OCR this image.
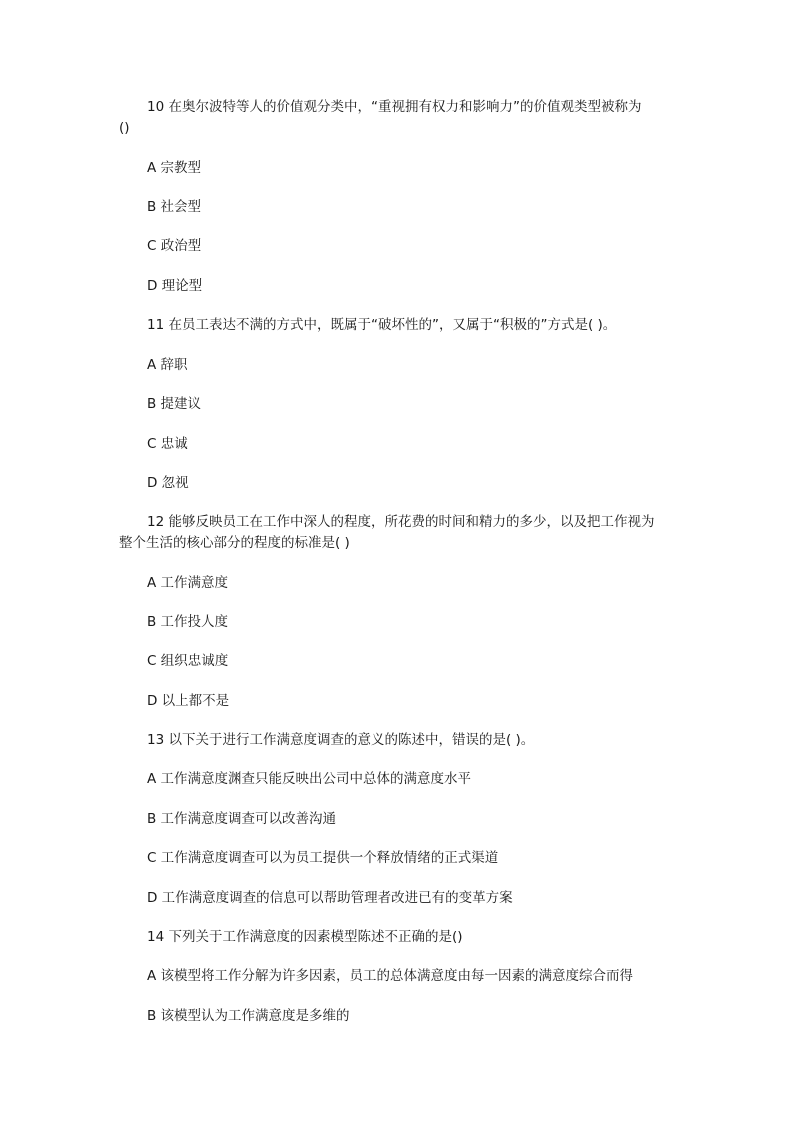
10 在奥尔波特等人的价值观分类中，“重视拥有权力和影响力”的价值观类型被称为
()
A 宗教型
B 社会型
C 政治型
D 理论型
11 在员工表达不满的方式中，既属于“破坏性的”，又属于“积极的”方式是( )。
A 辞职
B 提建议
C 忠诚
D 忽视
12 能够反映员工在工作中深人的程度，所花费的时间和精力的多少，以及把工作视为
整个生活的核心部分的程度的标准是( )
A 工作满意度
B 工作投人度
C 组织忠诚度
D 以上都不是
13 以下关于进行工作满意度调查的意义的陈述中，错误的是( )。
A 工作满意度渊查只能反映出公司中总体的满意度水平
B 工作满意度调查可以改善沟通
C 工作满意度调查可以为员工提供一个释放情绪的正式渠道
D 工作满意度调查的信息可以帮助管理者改进已有的变革方案
14 下列关于工作满意度的因素模型陈述不正确的是()
A 该模型将工作分解为许多因素，员工的总体满意度由每一因素的满意度综合而得
B 该模型认为工作满意度是多维的
